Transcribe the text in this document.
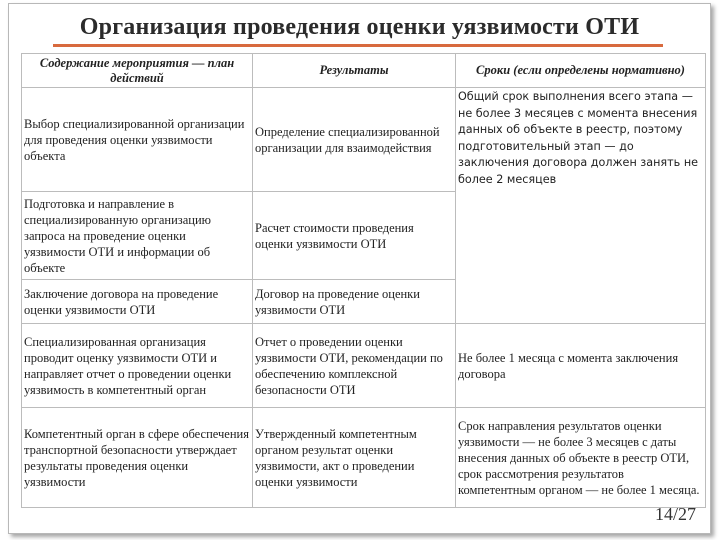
Организация проведения оценки уязвимости ОТИ
Содержание мероприятия — план действий	Результаты	Сроки (если определены нормативно)
Выбор специализированной организации для проведения оценки уязвимости объекта	Определение специализированной организации для взаимодействия	Общий срок выполнения всего этапа — не более 3 месяцев с момента внесения данных об объекте в реестр, поэтому подготовительный этап — до заключения договора должен занять не более 2 месяцев
Подготовка и направление в специализированную организацию запроса на проведение оценки уязвимости ОТИ и информации об объекте	Расчет стоимости проведения оценки уязвимости ОТИ	
Заключение договора на проведение оценки уязвимости ОТИ	Договор на проведение оценки уязвимости ОТИ	
Специализированная организация проводит оценку уязвимости ОТИ и направляет отчет о проведении оценки уязвимость в компетентный орган	Отчет о проведении оценки уязвимости ОТИ, рекомендации по обеспечению комплексной безопасности ОТИ	Не более 1 месяца с момента заключения договора
Компетентный орган в сфере обеспечения транспортной безопасности утверждает результаты проведения оценки уязвимости	Утвержденный компетентным органом результат оценки уязвимости, акт о проведении оценки уязвимости	Срок направления результатов оценки уязвимости — не более 3 месяцев с даты внесения данных об объекте в реестр ОТИ, срок рассмотрения результатов компетентным органом — не более 1 месяца.
14/27
